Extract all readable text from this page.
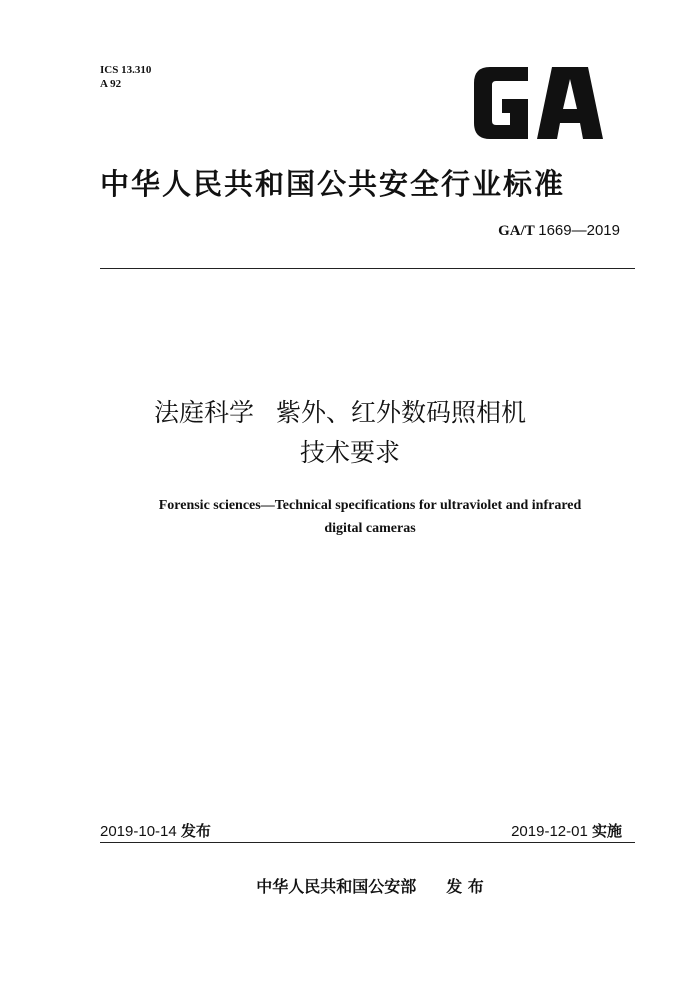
ICS 13.310
A 92
中华人民共和国公共安全行业标准
GA/T 1669—2019
法庭科学 紫外、红外数码照相机
技术要求
Forensic sciences—Technical specifications for ultraviolet and infrared
digital cameras
2019-10-14 发布	2019-12-01 实施
中华人民共和国公安部 发 布
